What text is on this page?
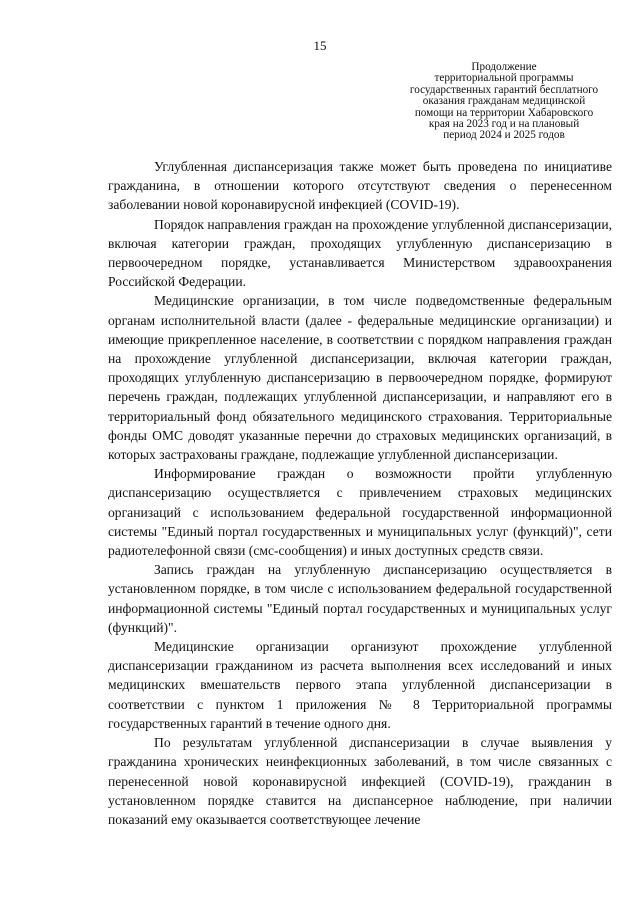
15
Продолжение
территориальной программы
государственных гарантий бесплатного
оказания гражданам медицинской
помощи на территории Хабаровского
края на 2023 год и на плановый
период 2024 и 2025 годов

Углубленная диспансеризация также может быть проведена по инициативе гражданина, в отношении которого отсутствуют сведения о перенесенном заболевании новой коронавирусной инфекцией (COVID-19).

Порядок направления граждан на прохождение углубленной диспансеризации, включая категории граждан, проходящих углубленную диспансеризацию в первоочередном порядке, устанавливается Министерством здравоохранения Российской Федерации.

Медицинские организации, в том числе подведомственные федеральным органам исполнительной власти (далее - федеральные медицинские организации) и имеющие прикрепленное население, в соответствии с порядком направления граждан на прохождение углубленной диспансеризации, включая категории граждан, проходящих углубленную диспансеризацию в первоочередном порядке, формируют перечень граждан, подлежащих углубленной диспансеризации, и направляют его в территориальный фонд обязательного медицинского страхования. Территориальные фонды ОМС доводят указанные перечни до страховых медицинских организаций, в которых застрахованы граждане, подлежащие углубленной диспансеризации.

Информирование граждан о возможности пройти углубленную диспансеризацию осуществляется с привлечением страховых медицинских организаций с использованием федеральной государственной информационной системы "Единый портал государственных и муниципальных услуг (функций)", сети радиотелефонной связи (смс-сообщения) и иных доступных средств связи.

Запись граждан на углубленную диспансеризацию осуществляется в установленном порядке, в том числе с использованием федеральной государственной информационной системы "Единый портал государственных и муниципальных услуг (функций)".

Медицинские организации организуют прохождение углубленной диспансеризации гражданином из расчета выполнения всех исследований и иных медицинских вмешательств первого этапа углубленной диспансеризации в соответствии с пунктом 1 приложения № 8 Территориальной программы государственных гарантий в течение одного дня.

По результатам углубленной диспансеризации в случае выявления у гражданина хронических неинфекционных заболеваний, в том числе связанных с перенесенной новой коронавирусной инфекцией (COVID-19), гражданин в установленном порядке ставится на диспансерное наблюдение, при наличии показаний ему оказывается соответствующее лечение
